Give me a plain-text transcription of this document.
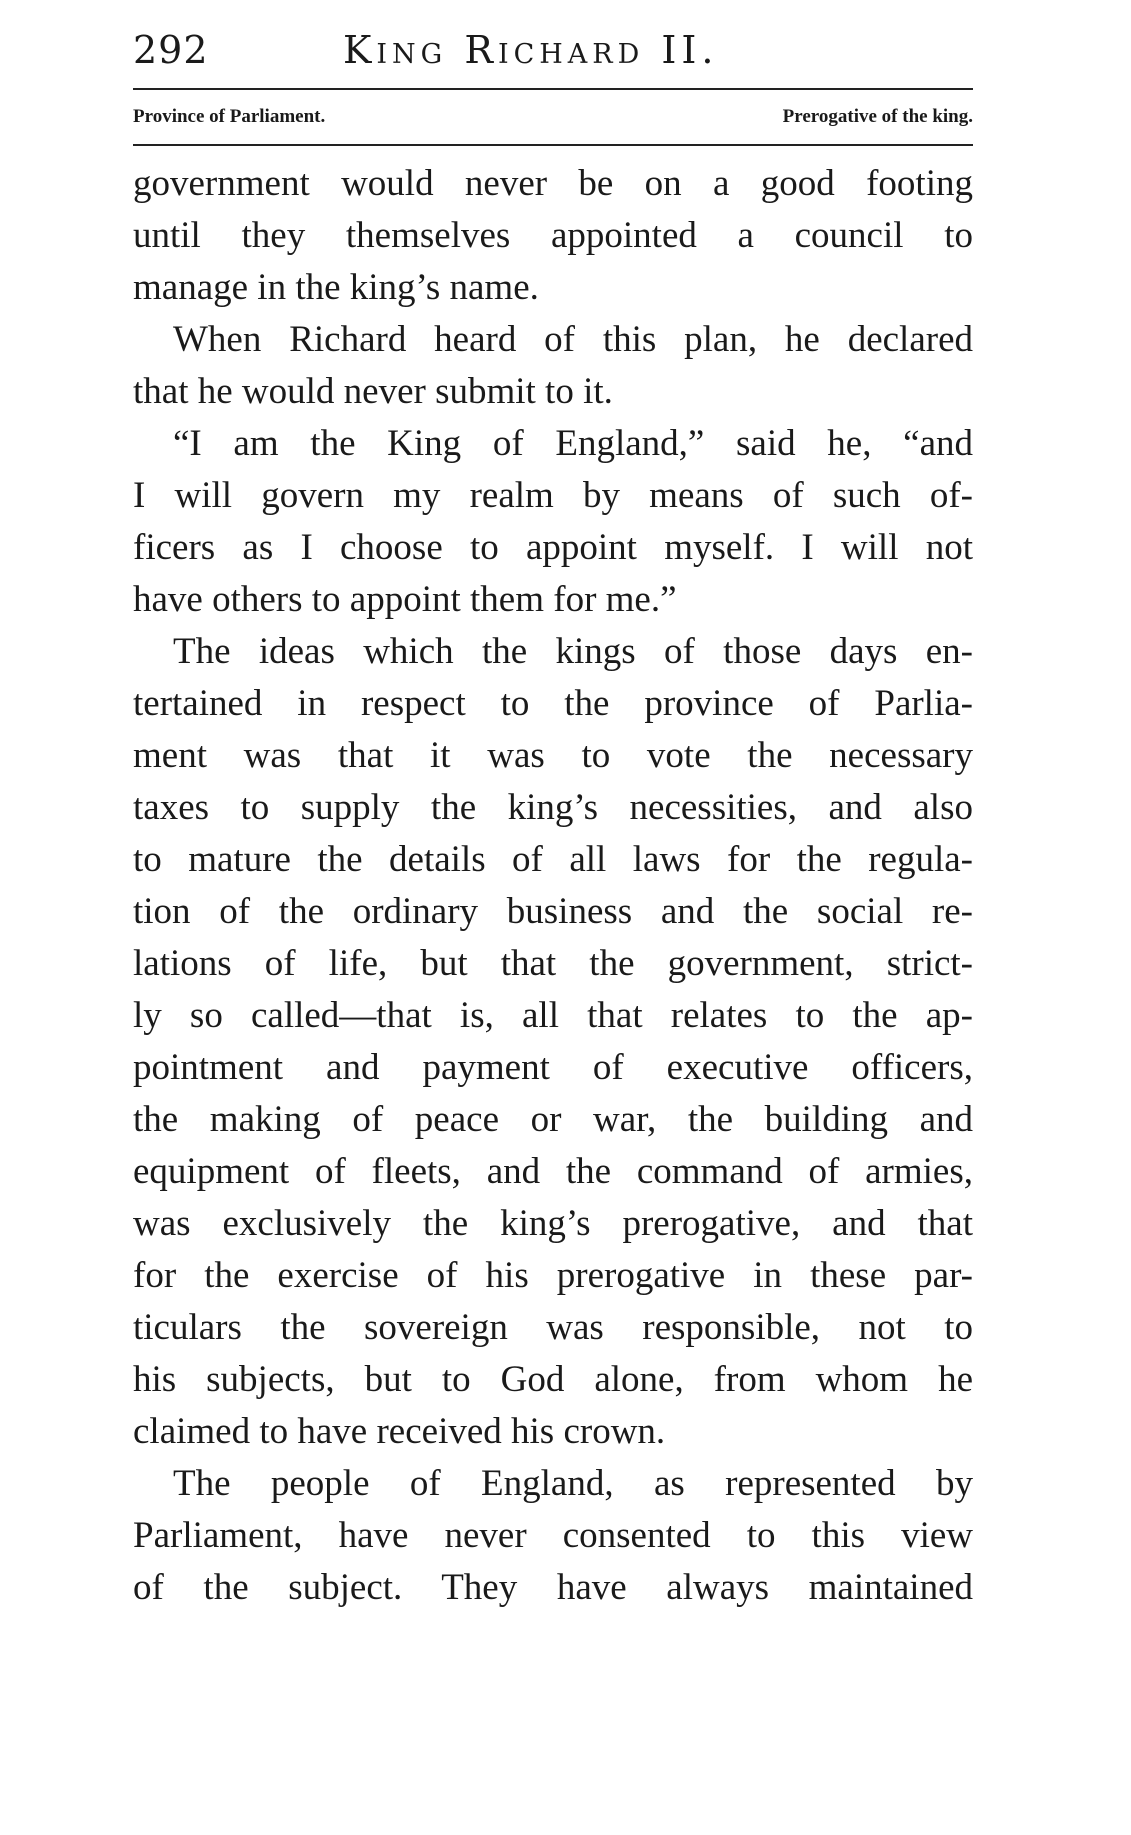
292	King Richard II.
Province of Parliament.	Prerogative of the king.
government would never be on a good footing
until they themselves appointed a council to
manage in the king’s name.
When Richard heard of this plan, he declared
that he would never submit to it.
“I am the King of England,” said he, “and
I will govern my realm by means of such of-
ficers as I choose to appoint myself. I will not
have others to appoint them for me.”
The ideas which the kings of those days en-
tertained in respect to the province of Parlia-
ment was that it was to vote the necessary
taxes to supply the king’s necessities, and also
to mature the details of all laws for the regula-
tion of the ordinary business and the social re-
lations of life, but that the government, strict-
ly so called—that is, all that relates to the ap-
pointment and payment of executive officers,
the making of peace or war, the building and
equipment of fleets, and the command of armies,
was exclusively the king’s prerogative, and that
for the exercise of his prerogative in these par-
ticulars the sovereign was responsible, not to
his subjects, but to God alone, from whom he
claimed to have received his crown.
The people of England, as represented by
Parliament, have never consented to this view
of the subject. They have always maintained
